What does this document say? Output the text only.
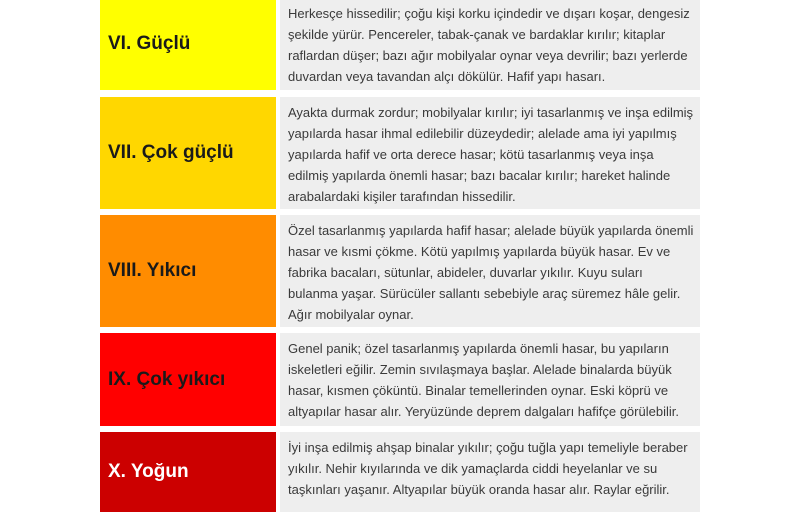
VI. Güçlü
Herkesçe hissedilir; çoğu kişi korku içindedir ve dışarı koşar, dengesiz şekilde yürür. Pencereler, tabak-çanak ve bardaklar kırılır; kitaplar raflardan düşer; bazı ağır mobilyalar oynar veya devrilir; bazı yerlerde duvardan veya tavandan alçı dökülür. Hafif yapı hasarı.
VII. Çok güçlü
Ayakta durmak zordur; mobilyalar kırılır; iyi tasarlanmış ve inşa edilmiş yapılarda hasar ihmal edilebilir düzeydedir; alelade ama iyi yapılmış yapılarda hafif ve orta derece hasar; kötü tasarlanmış veya inşa edilmiş yapılarda önemli hasar; bazı bacalar kırılır; hareket halinde arabalardaki kişiler tarafından hissedilir.
VIII. Yıkıcı
Özel tasarlanmış yapılarda hafif hasar; alelade büyük yapılarda önemli hasar ve kısmi çökme. Kötü yapılmış yapılarda büyük hasar. Ev ve fabrika bacaları, sütunlar, abideler, duvarlar yıkılır. Kuyu suları bulanma yaşar. Sürücüler sallantı sebebiyle araç süremez hâle gelir. Ağır mobilyalar oynar.
IX. Çok yıkıcı
Genel panik; özel tasarlanmış yapılarda önemli hasar, bu yapıların iskeletleri eğilir. Zemin sıvılaşmaya başlar. Alelade binalarda büyük hasar, kısmen çöküntü. Binalar temellerinden oynar. Eski köprü ve altyapılar hasar alır. Yeryüzünde deprem dalgaları hafifçe görülebilir.
X. Yoğun
İyi inşa edilmiş ahşap binalar yıkılır; çoğu tuğla yapı temeliyle beraber yıkılır. Nehir kıyılarında ve dik yamaçlarda ciddi heyelanlar ve su taşkınları yaşanır. Altyapılar büyük oranda hasar alır. Raylar eğrilir.
